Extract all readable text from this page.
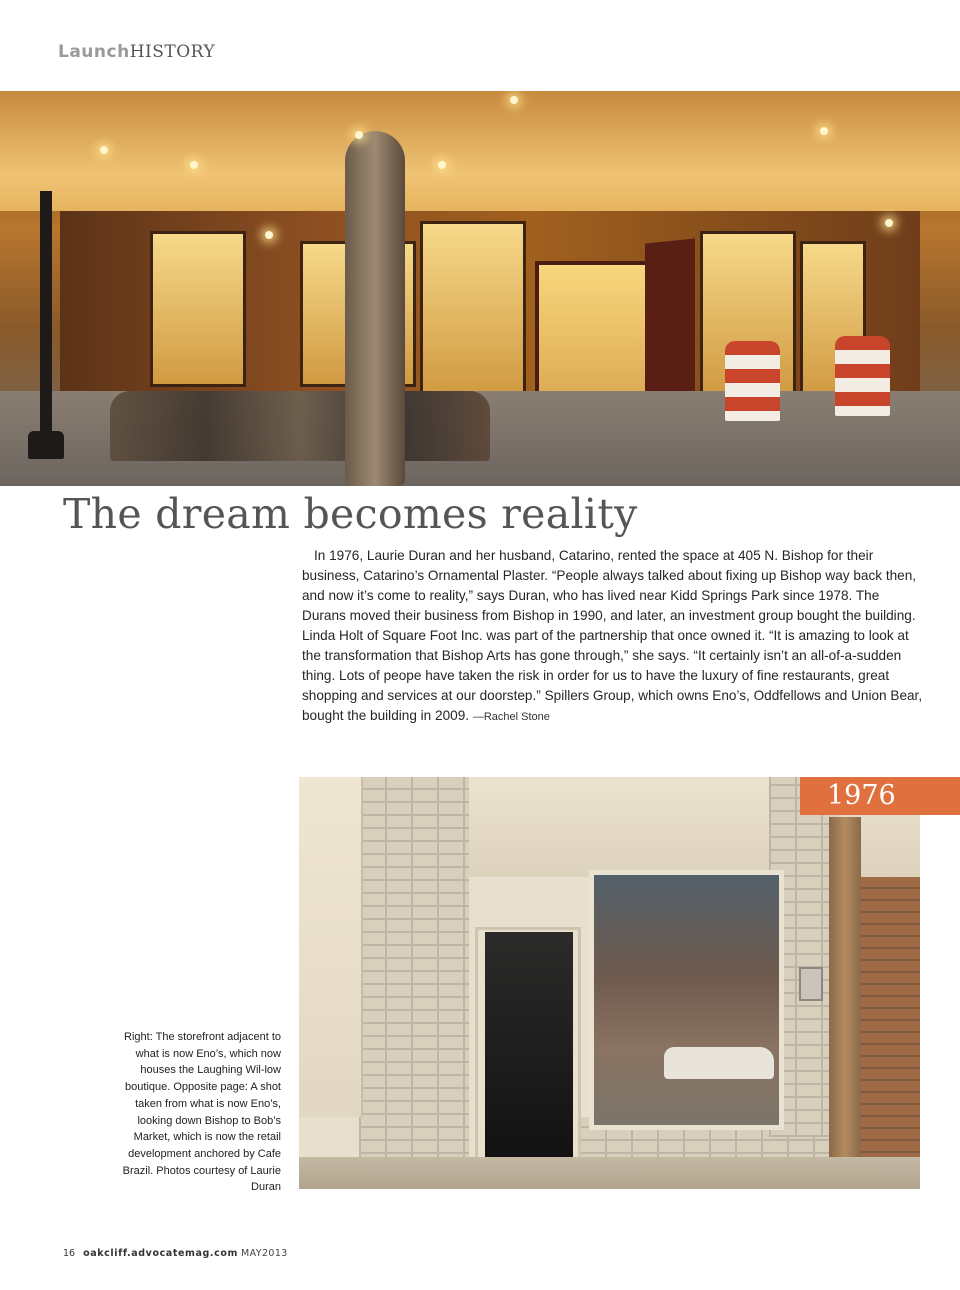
LaunchHISTORY
The dream becomes reality

In 1976, Laurie Duran and her husband, Catarino, rented the space at 405 N. Bishop for their business, Catarino’s Ornamental Plaster. “People always talked about fixing up Bishop way back then, and now it’s come to reality,” says Duran, who has lived near Kidd Springs Park since 1978. The Durans moved their business from Bishop in 1990, and later, an investment group bought the building. Linda Holt of Square Foot Inc. was part of the partnership that once owned it. “It is amazing to look at the transformation that Bishop Arts has gone through,” she says. “It certainly isn’t an all-of-a-sudden thing. Lots of peope have taken the risk in order for us to have the luxury of fine restaurants, great shopping and services at our doorstep.” Spillers Group, which owns Eno’s, Oddfellows and Union Bear, bought the building in 2009. —Rachel Stone

1976

Right: The storefront adjacent to what is now Eno’s, which now houses the Laughing Wil-low boutique. Opposite page: A shot taken from what is now Eno’s, looking down Bishop to Bob’s Market, which is now the retail development anchored by Cafe Brazil. Photos courtesy of Laurie Duran

16 oakcliff.advocatemag.com MAY2013
